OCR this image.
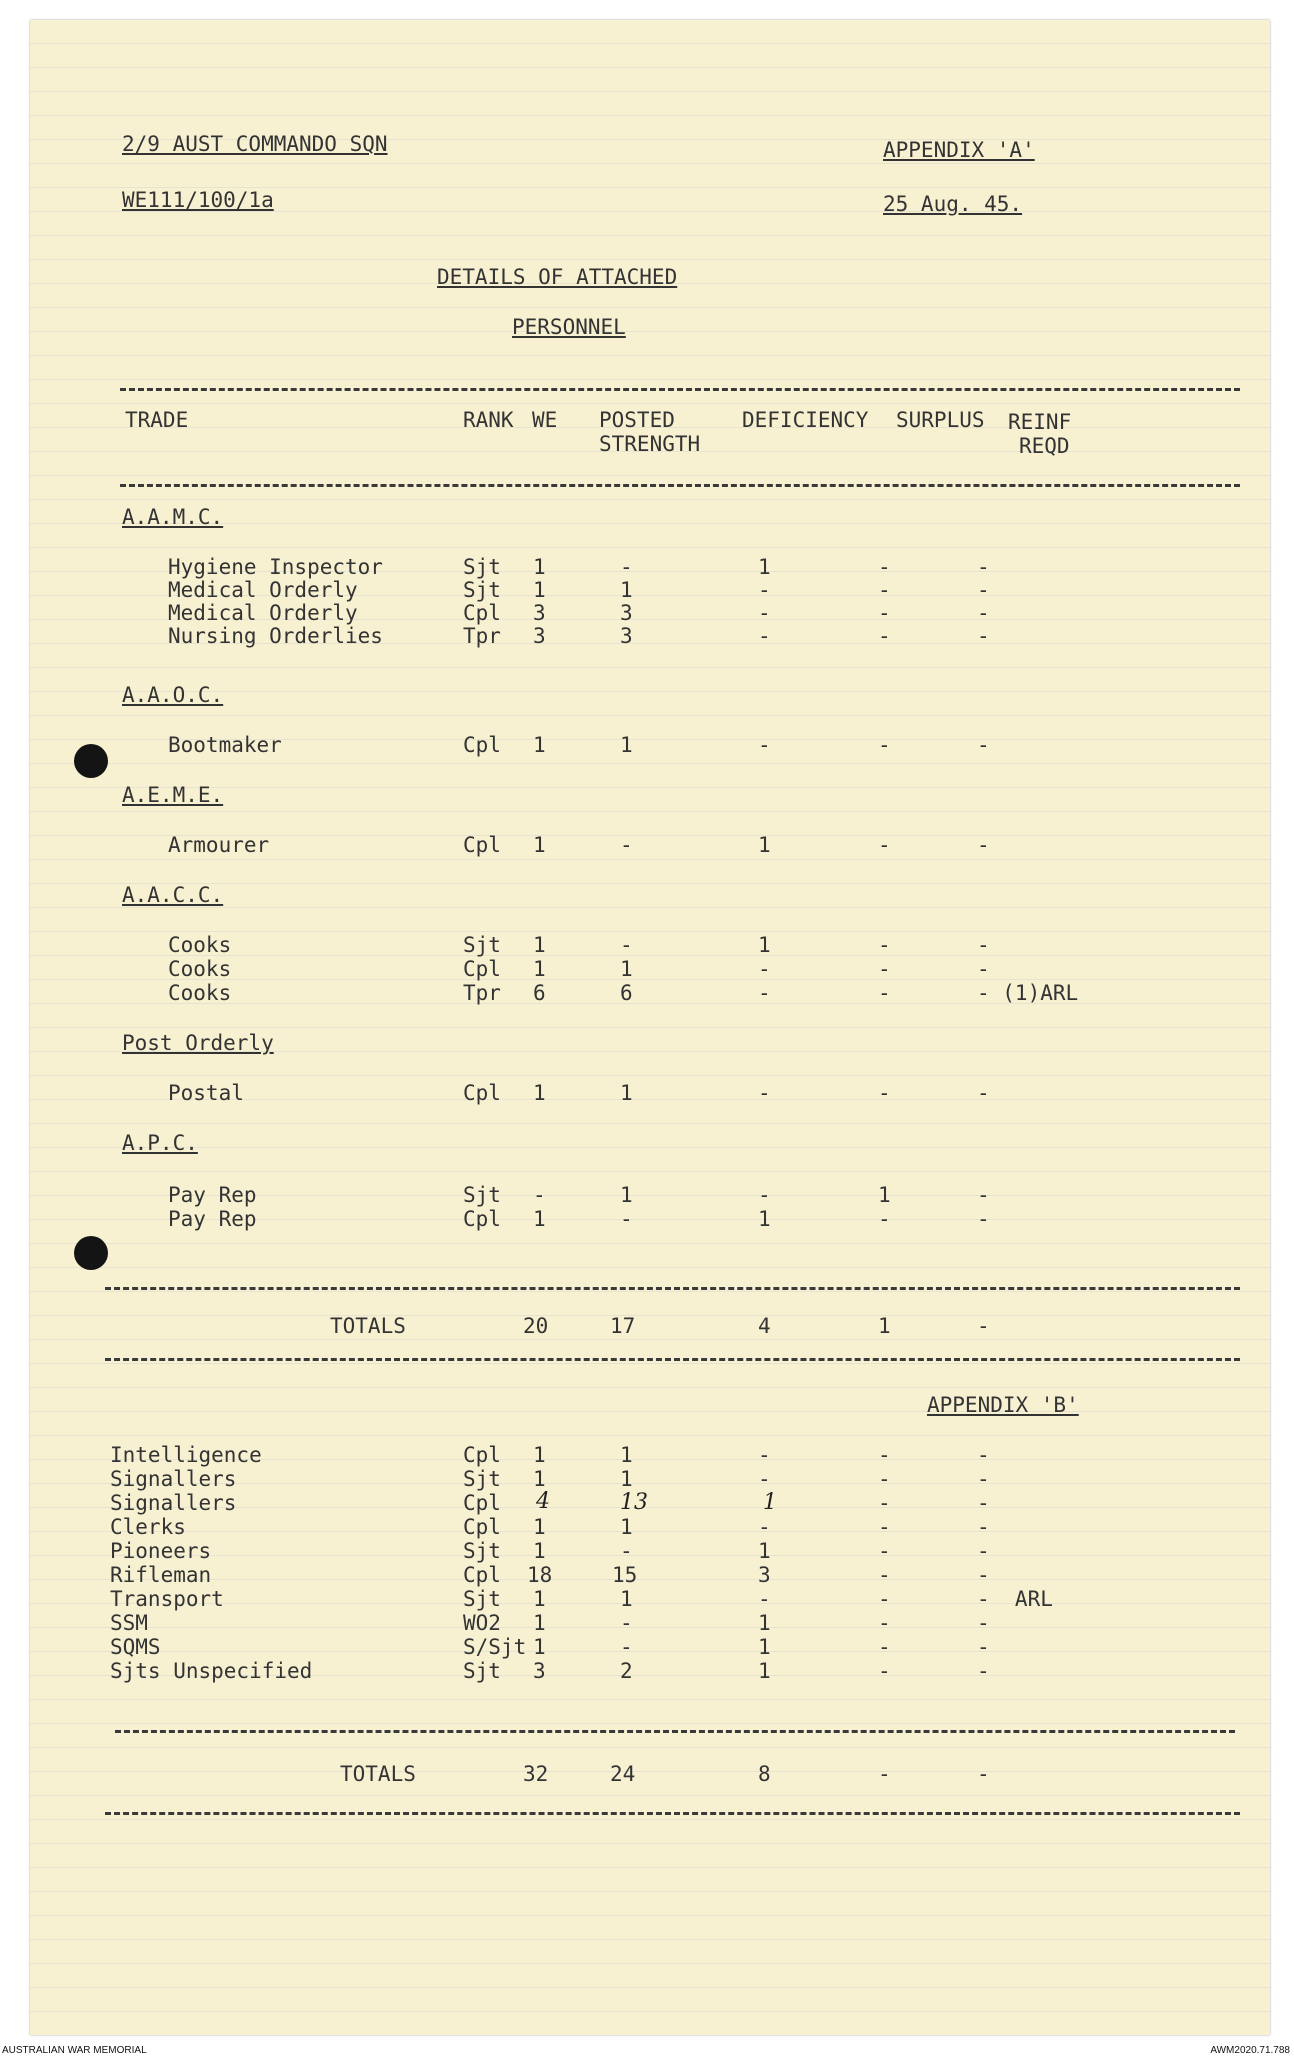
2/9 AUST COMMANDO SQN
WE111/100/1a
APPENDIX 'A'
25 Aug. 45.
DETAILS OF ATTACHED
PERSONNEL
TRADE	RANK WE POSTED
STRENGTH
DEFICIENCY SURPLUS REINF
REQD
A.A.M.C.
Hygiene Inspector	Sjt 1	-	1	-	-
Medical Orderly	Sjt 1	1	-	-	-
Medical Orderly	Cpl 3	3	-	-	-
Nursing Orderlies	Tpr 3	3	-	-	-
A.A.O.C.
Bootmaker	Cpl 1	1	-	-	-
A.E.M.E.
Armourer	Cpl 1	-	1	-	-
A.A.C.C.
Cooks	Sjt 1	-	1	-	-
Cooks	Cpl 1	1	-	-	-
Cooks	Tpr 6	6	-	-	- (1)ARL
Post Orderly
Postal	Cpl 1	1	-	-	-
A.P.C.
Pay Rep	Sjt -	1	-	1	-
Pay Rep	Cpl 1	-	1	-	-
TOTALS	20	17	4	1	-
APPENDIX 'B'
Intelligence	Cpl 1	1	-	-	-
Signallers	Sjt 1	1	-	-	-
Signallers	Cpl 4	13	1	-	-
Clerks	Cpl 1	1	-	-	-
Pioneers	Sjt 1	-	1	-	-
Rifleman	Cpl 18	15	3	-	-
Transport	Sjt 1	1	-	-	-  ARL
SSM	WO2 1	-	1	-	-
SQMS	S/Sjt 1	-	1	-	-
Sjts Unspecified	Sjt 3	2	1	-	-
TOTALS	32	24	8	-	-
AUSTRALIAN WAR MEMORIAL	AWM2020.71.788
